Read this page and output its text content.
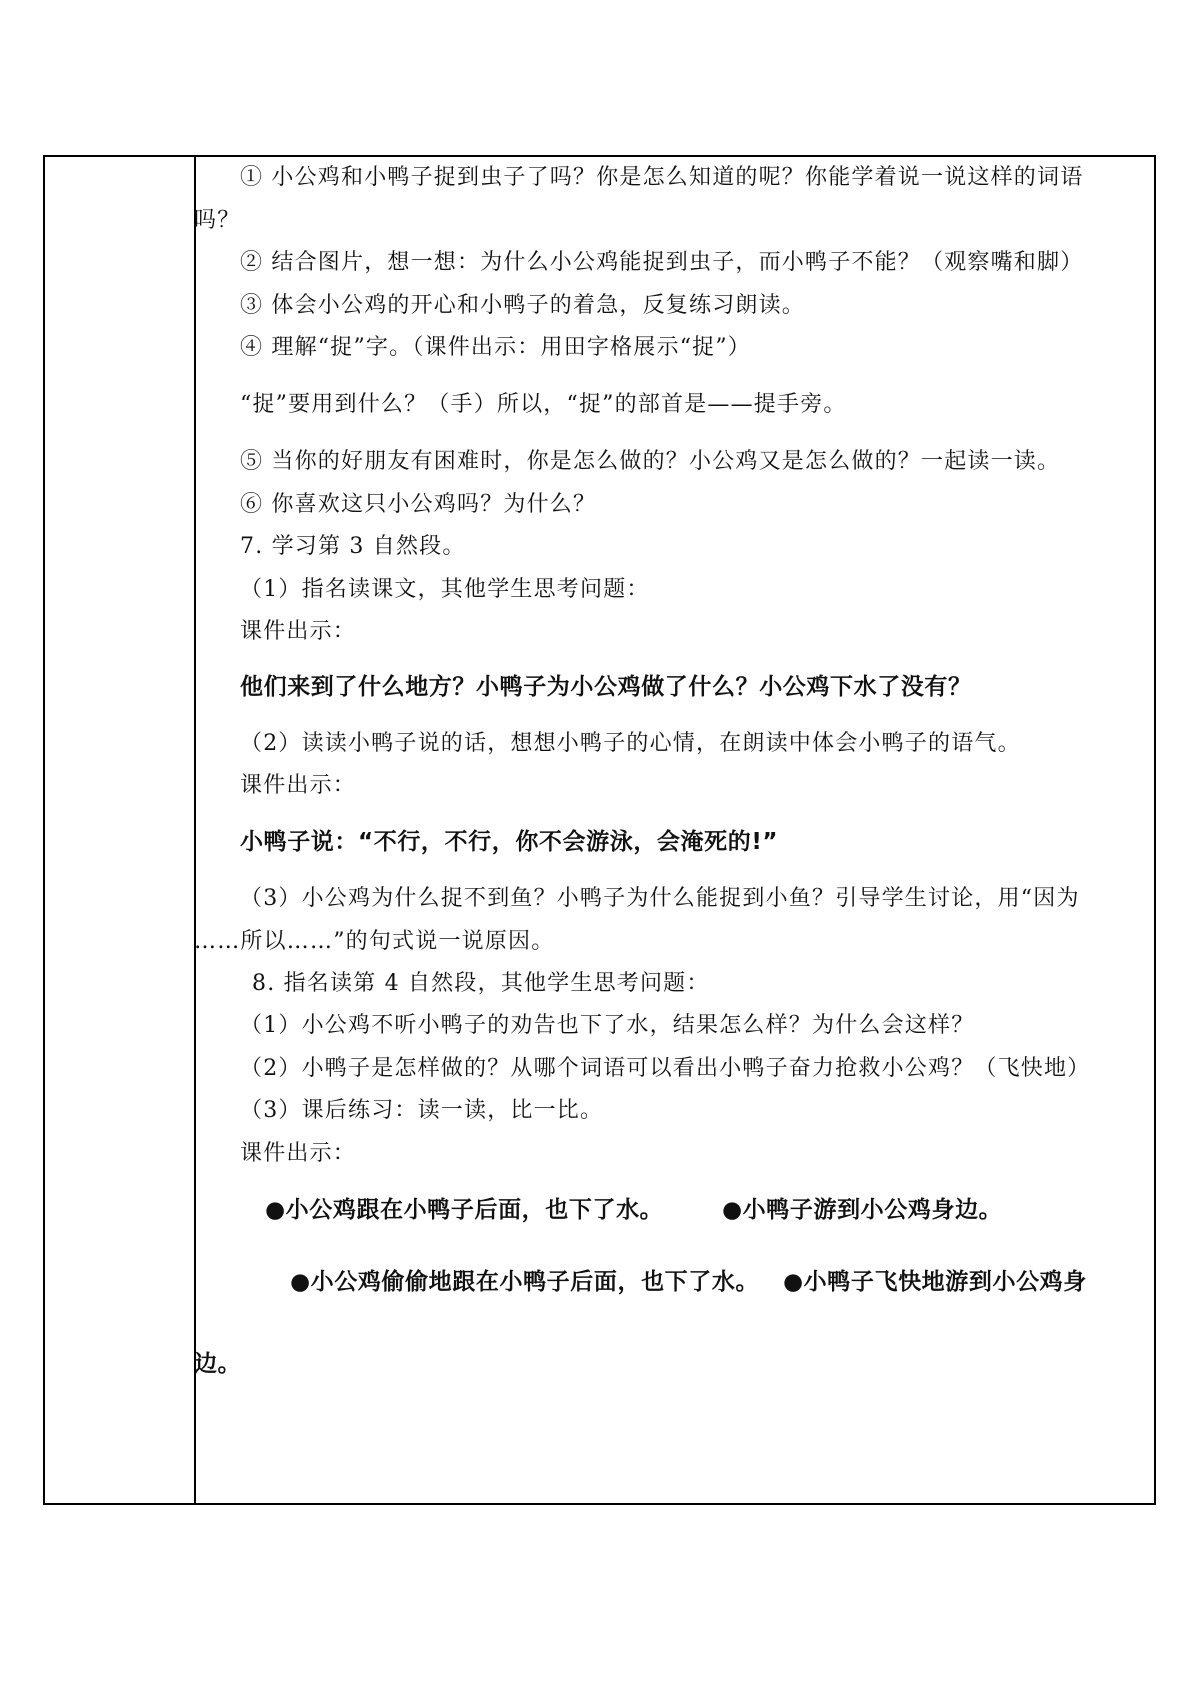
① 小公鸡和小鸭子捉到虫子了吗？你是怎么知道的呢？你能学着说一说这样的词语
吗？
② 结合图片，想一想：为什么小公鸡能捉到虫子，而小鸭子不能？（观察嘴和脚）
③ 体会小公鸡的开心和小鸭子的着急，反复练习朗读。
④ 理解“捉”字。（课件出示：用田字格展示“捉”）
“捉”要用到什么？（手）所以，“捉”的部首是——提手旁。
⑤ 当你的好朋友有困难时，你是怎么做的？小公鸡又是怎么做的？一起读一读。
⑥ 你喜欢这只小公鸡吗？为什么？
7. 学习第 3 自然段。
（1）指名读课文，其他学生思考问题：
课件出示：
他们来到了什么地方？小鸭子为小公鸡做了什么？小公鸡下水了没有？
（2）读读小鸭子说的话，想想小鸭子的心情，在朗读中体会小鸭子的语气。
课件出示：
小鸭子说：“不行，不行，你不会游泳，会淹死的!”
（3）小公鸡为什么捉不到鱼？小鸭子为什么能捉到小鱼？引导学生讨论，用“因为
……所以……”的句式说一说原因。
8. 指名读第 4 自然段，其他学生思考问题：
（1）小公鸡不听小鸭子的劝告也下了水，结果怎么样？为什么会这样？
（2）小鸭子是怎样做的？从哪个词语可以看出小鸭子奋力抢救小公鸡？（飞快地）
（3）课后练习：读一读，比一比。
课件出示：
●小公鸡跟在小鸭子后面，也下了水。	●小鸭子游到小公鸡身边。
●小公鸡偷偷地跟在小鸭子后面，也下了水。 ●小鸭子飞快地游到小公鸡身
边。
